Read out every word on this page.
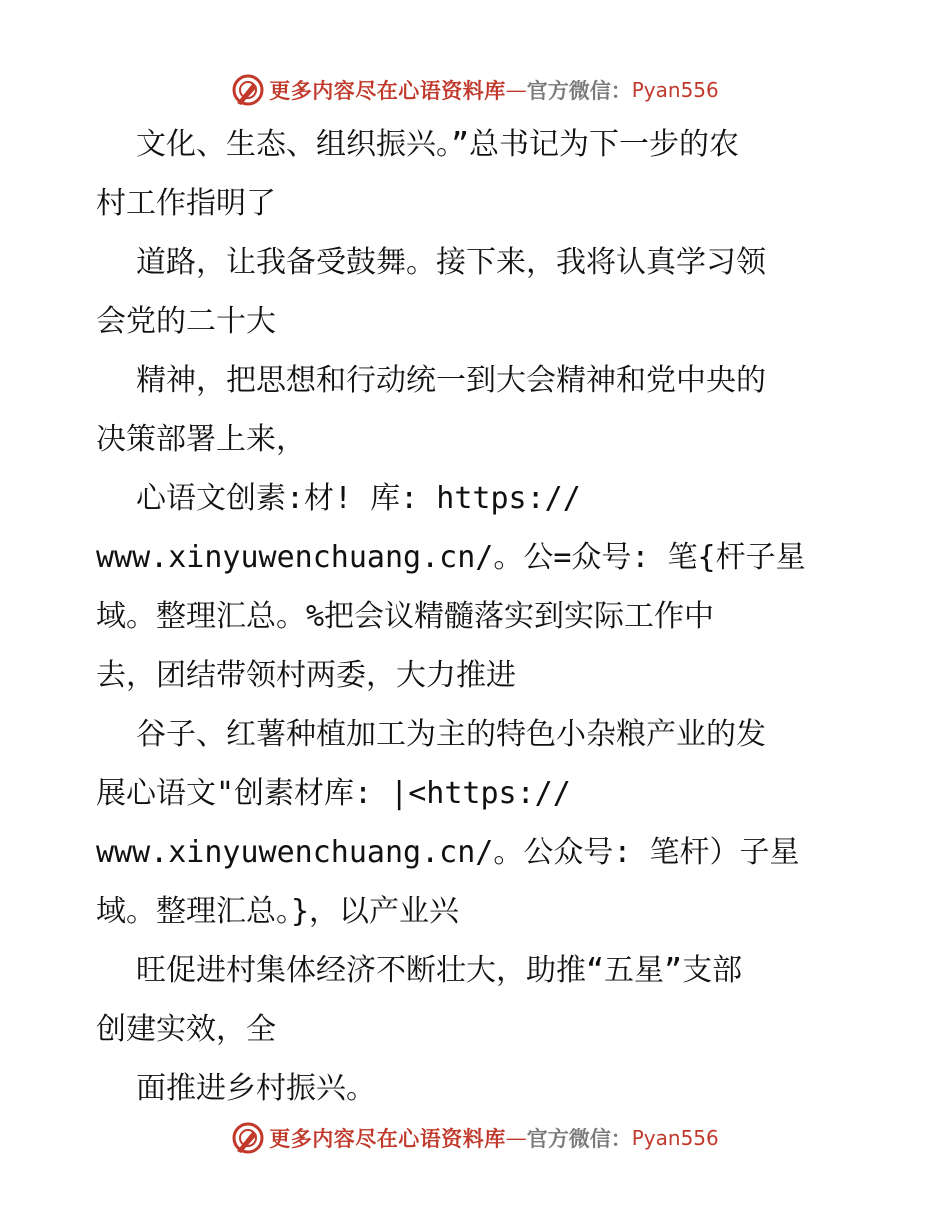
更多内容尽在心语资料库 — 官方微信： Pyan556
文化、生态、组织振兴。”总书记为下一步的农
村工作指明了
道路，让我备受鼓舞。接下来，我将认真学习领
会党的二十大
精神，把思想和行动统一到大会精神和党中央的
决策部署上来，
心语文创素:材! 库: https://
www.xinyuwenchuang.cn/。公=众号: 笔{杆子星
域。整理汇总。%把会议精髓落实到实际工作中
去，团结带领村两委，大力推进
谷子、红薯种植加工为主的特色小杂粮产业的发
展心语文"创素材库: |<https://
www.xinyuwenchuang.cn/。公众号: 笔杆）子星
域。整理汇总。}，以产业兴
旺促进村集体经济不断壮大，助推“五星”支部
创建实效，全
面推进乡村振兴。
更多内容尽在心语资料库 — 官方微信： Pyan556
